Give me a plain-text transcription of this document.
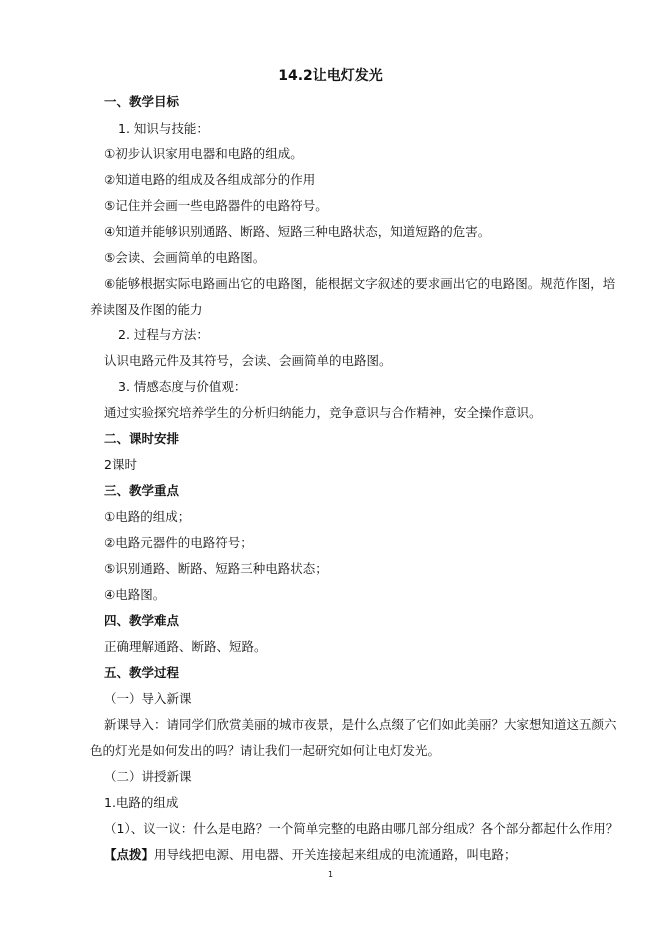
14.2让电灯发光
一、教学目标
1. 知识与技能：
①初步认识家用电器和电路的组成。
②知道电路的组成及各组成部分的作用
⑤记住并会画一些电路器件的电路符号。
④知道并能够识别通路、断路、短路三种电路状态，知道短路的危害。
⑤会读、会画简单的电路图。
⑥能够根据实际电路画出它的电路图，能根据文字叙述的要求画出它的电路图。规范作图，培
养读图及作图的能力
2. 过程与方法：
认识电路元件及其符号，会读、会画简单的电路图。
3. 情感态度与价值观：
通过实验探究培养学生的分析归纳能力，竞争意识与合作精神，安全操作意识。
二、课时安排
2课时
三、教学重点
①电路的组成；
②电路元器件的电路符号；
⑤识别通路、断路、短路三种电路状态；
④电路图。
四、教学难点
正确理解通路、断路、短路。
五、教学过程
（一）导入新课
新课导入：请同学们欣赏美丽的城市夜景，是什么点缀了它们如此美丽？大家想知道这五颜六
色的灯光是如何发出的吗？请让我们一起研究如何让电灯发光。
（二）讲授新课
1.电路的组成
（1）、议一议：什么是电路？一个简单完整的电路由哪几部分组成？各个部分都起什么作用？
【点拨】用导线把电源、用电器、开关连接起来组成的电流通路，叫电路；
1
